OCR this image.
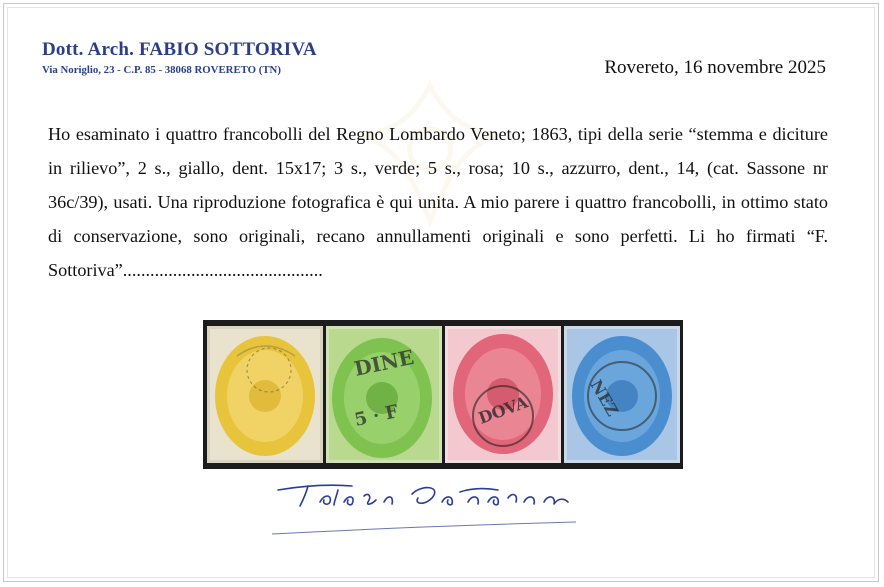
Dott. Arch. FABIO SOTTORIVA
Via Noriglio, 23 - C.P. 85 - 38068 ROVERETO (TN)	Rovereto, 16 novembre 2025

Ho esaminato i quattro francobolli del Regno Lombardo Veneto; 1863, tipi della serie “stemma e diciture in rilievo”, 2 s., giallo, dent. 15x17; 3 s., verde; 5 s., rosa; 10 s., azzurro, dent., 14, (cat. Sassone nr 36c/39), usati. Una riproduzione fotografica è qui unita. A mio parere i quattro francobolli, in ottimo stato di conservazione, sono originali, recano annullamenti originali e sono perfetti. Li ho firmati “F. Sottoriva”............................................

DINE
5 · F	DOVA	NEZ
